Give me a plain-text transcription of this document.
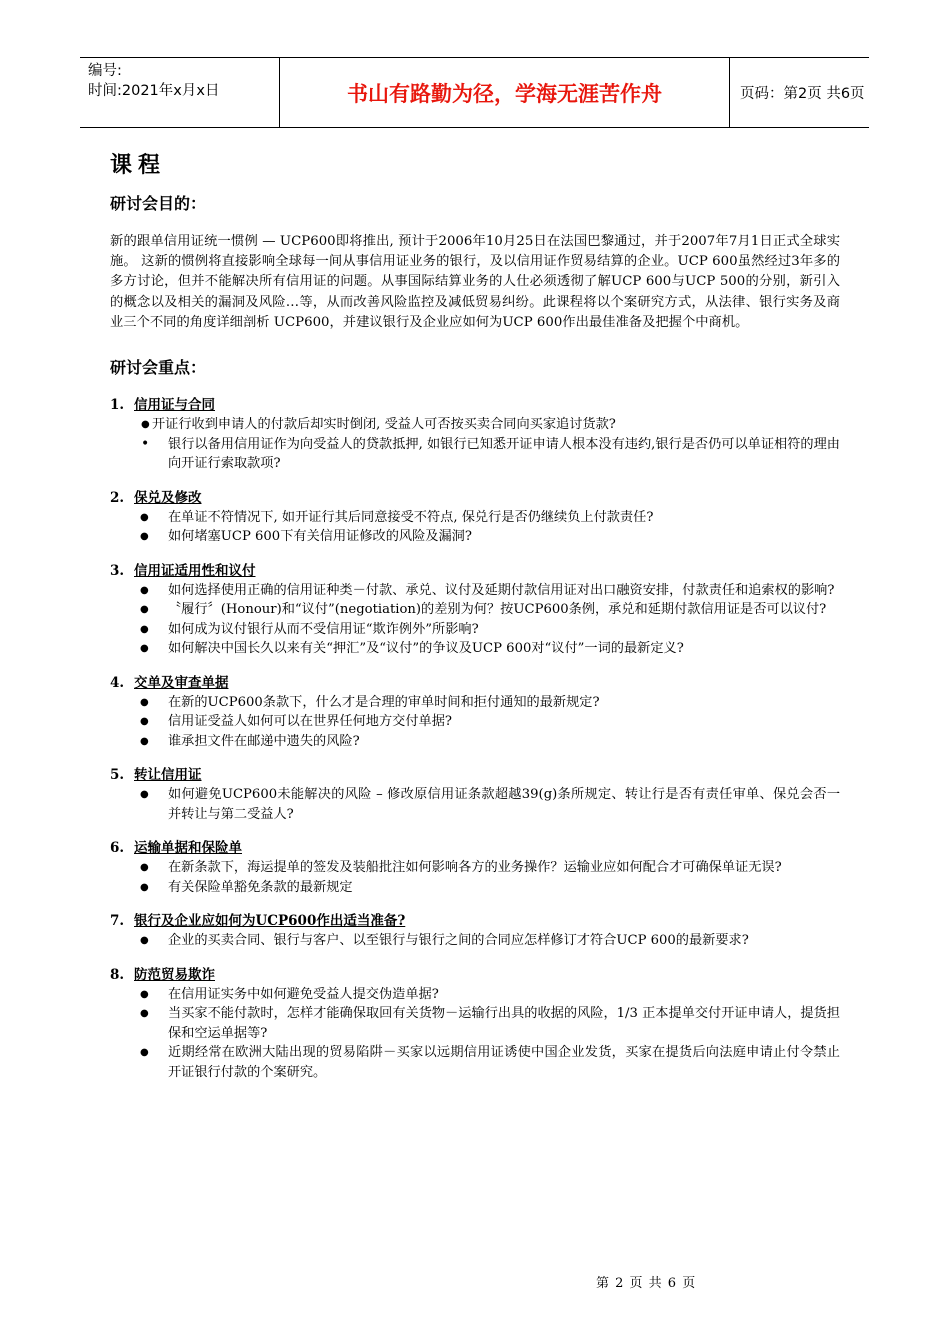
编号:
时间:2021年x月x日	书山有路勤为径，学海无涯苦作舟	页码：第2页 共6页
课程
研讨会目的：
新的跟单信用证统一惯例 — UCP600即将推出, 预计于2006年10月25日在法国巴黎通过，并于2007年7月1日正式全球实施。 这新的惯例将直接影响全球每一间从事信用证业务的银行，及以信用证作贸易结算的企业。UCP 600虽然经过3年多的多方讨论，但并不能解决所有信用证的问题。从事国际结算业务的人仕必须透彻了解UCP 600与UCP 500的分别，新引入的概念以及相关的漏洞及风险…等，从而改善风险监控及减低贸易纠纷。此课程将以个案研究方式，从法律、银行实务及商业三个不同的角度详细剖析 UCP600，并建议银行及企业应如何为UCP 600作出最佳准备及把握个中商机。
研讨会重点：
1. 信用证与合同
● 开证行收到申请人的付款后却实时倒闭, 受益人可否按买卖合同向买家追讨货款?
• 银行以备用信用证作为向受益人的贷款抵押, 如银行已知悉开证申请人根本没有违约,银行是否仍可以单证相符的理由向开证行索取款项?
2. 保兑及修改
● 在单证不符情况下, 如开证行其后同意接受不符点, 保兑行是否仍继续负上付款责任?
● 如何堵塞UCP 600下有关信用证修改的风险及漏洞?
3. 信用证适用性和议付
● 如何选择使用正确的信用证种类－付款、承兑、议付及延期付款信用证对出口融资安排，付款责任和追索权的影响?
● 〝履行〞(Honour)和“议付”(negotiation)的差别为何？按UCP600条例，承兑和延期付款信用证是否可以议付?
● 如何成为议付银行从而不受信用证“欺诈例外”所影响?
● 如何解决中国长久以来有关“押汇”及“议付”的争议及UCP 600对“议付”一词的最新定义?
4. 交单及审查单据
● 在新的UCP600条款下，什么才是合理的审单时间和拒付通知的最新规定?
● 信用证受益人如何可以在世界任何地方交付单据?
● 谁承担文件在邮递中遗失的风险?
5. 转让信用证
● 如何避免UCP600未能解决的风险 – 修改原信用证条款超越39(g)条所规定、转让行是否有责任审单、保兑会否一并转让与第二受益人?
6. 运输单据和保险单
● 在新条款下，海运提单的签发及装船批注如何影响各方的业务操作？运输业应如何配合才可确保单证无误?
● 有关保险单豁免条款的最新规定
7. 银行及企业应如何为UCP600作出适当准备?
● 企业的买卖合同、银行与客户、以至银行与银行之间的合同应怎样修订才符合UCP 600的最新要求?
8. 防范贸易欺诈
● 在信用证实务中如何避免受益人提交伪造单据?
● 当买家不能付款时，怎样才能确保取回有关货物－运输行出具的收据的风险，1/3 正本提单交付开证申请人，提货担保和空运单据等?
● 近期经常在欧洲大陆出现的贸易陷阱－买家以远期信用证诱使中国企业发货，买家在提货后向法庭申请止付令禁止开证银行付款的个案研究。
第 2 页 共 6 页
